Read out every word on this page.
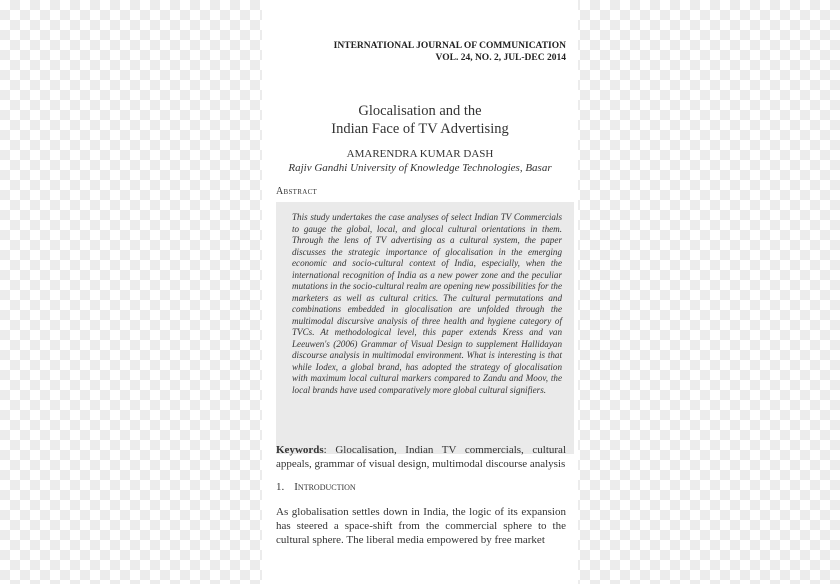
INTERNATIONAL JOURNAL OF COMMUNICATION
VOL. 24, NO. 2, JUL-DEC 2014
Glocalisation and the
Indian Face of TV Advertising
AMARENDRA KUMAR DASH
Rajiv Gandhi University of Knowledge Technologies, Basar
Abstract
This study undertakes the case analyses of select Indian TV Commercials to gauge the global, local, and glocal cultural orientations in them. Through the lens of TV advertising as a cultural system, the paper discusses the strategic importance of glocalisation in the emerging economic and socio-cultural context of India, especially, when the international recognition of India as a new power zone and the peculiar mutations in the socio-cultural realm are opening new possibilities for the marketers as well as cultural critics. The cultural permutations and combinations embedded in glocalisation are unfolded through the multimodal discursive analysis of three health and hygiene category of TVCs. At methodological level, this paper extends Kress and van Leeuwen's (2006) Grammar of Visual Design to supplement Hallidayan discourse analysis in multimodal environment. What is interesting is that while Iodex, a global brand, has adopted the strategy of glocalisation with maximum local cultural markers compared to Zandu and Moov, the local brands have used comparatively more global cultural signifiers.
Keywords: Glocalisation, Indian TV commercials, cultural appeals, grammar of visual design, multimodal discourse analysis
1. Introduction
As globalisation settles down in India, the logic of its expansion has steered a space-shift from the commercial sphere to the cultural sphere. The liberal media empowered by free market
